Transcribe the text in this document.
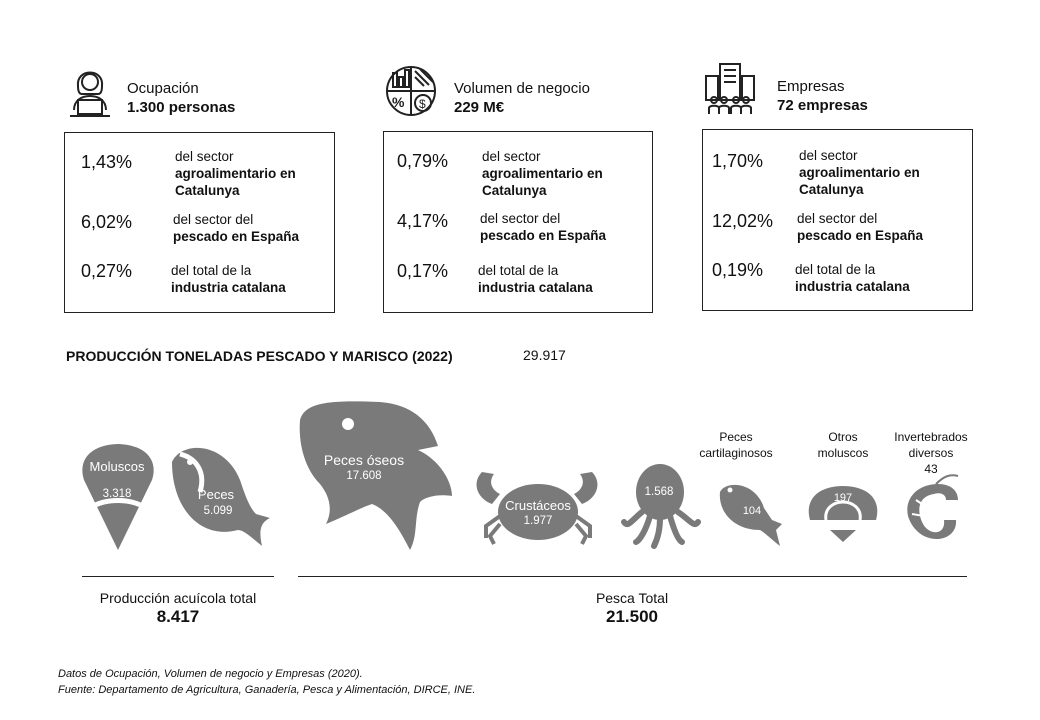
Ocupación
1.300 personas
1,43%	del sector
agroalimentario en
Catalunya
6,02%	del sector del
pescado en España
0,27%	del total de la
industria catalana
% $
Volumen de negocio
229 M€
0,79%	del sector
agroalimentario en
Catalunya
4,17% del sector del
pescado en España
0,17% del total de la
industria catalana
Empresas
72 empresas
1,70%	del sector
agroalimentario en
Catalunya
12,02% del sector del
pescado en España
0,19% del total de la
industria catalana
PRODUCCIÓN TONELADAS PESCADO Y MARISCO (2022)	29.917
Moluscos
3.318	Peces
5.099
Peces óseos
17.608
Crustáceos
1.977
1.568
Peces
cartilaginosos
104
Otros
moluscos
197
Invertebrados
diversos
43
Producción acuícola total
8.417
Pesca Total
21.500
Datos de Ocupación, Volumen de negocio y Empresas (2020).
Fuente: Departamento de Agricultura, Ganadería, Pesca y Alimentación, DIRCE, INE.
